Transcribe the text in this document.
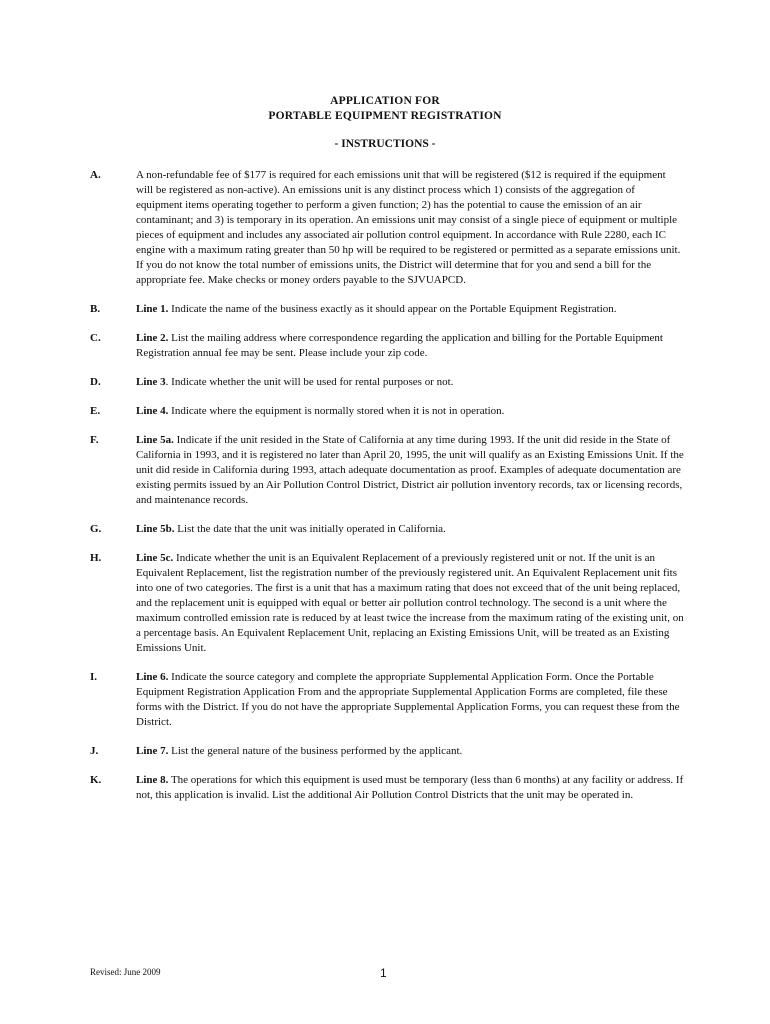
APPLICATION FOR
PORTABLE EQUIPMENT REGISTRATION
- INSTRUCTIONS -
A.	A non-refundable fee of $177 is required for each emissions unit that will be registered ($12 is required if the equipment will be registered as non-active). An emissions unit is any distinct process which 1) consists of the aggregation of equipment items operating together to perform a given function; 2) has the potential to cause the emission of an air contaminant; and 3) is temporary in its operation. An emissions unit may consist of a single piece of equipment or multiple pieces of equipment and includes any associated air pollution control equipment. In accordance with Rule 2280, each IC engine with a maximum rating greater than 50 hp will be required to be registered or permitted as a separate emissions unit. If you do not know the total number of emissions units, the District will determine that for you and send a bill for the appropriate fee. Make checks or money orders payable to the SJVUAPCD.
B.	Line 1. Indicate the name of the business exactly as it should appear on the Portable Equipment Registration.
C.	Line 2. List the mailing address where correspondence regarding the application and billing for the Portable Equipment Registration annual fee may be sent. Please include your zip code.
D.	Line 3. Indicate whether the unit will be used for rental purposes or not.
E.	Line 4. Indicate where the equipment is normally stored when it is not in operation.
F.	Line 5a. Indicate if the unit resided in the State of California at any time during 1993. If the unit did reside in the State of California in 1993, and it is registered no later than April 20, 1995, the unit will qualify as an Existing Emissions Unit. If the unit did reside in California during 1993, attach adequate documentation as proof. Examples of adequate documentation are existing permits issued by an Air Pollution Control District, District air pollution inventory records, tax or licensing records, and maintenance records.
G.	Line 5b. List the date that the unit was initially operated in California.
H.	Line 5c. Indicate whether the unit is an Equivalent Replacement of a previously registered unit or not. If the unit is an Equivalent Replacement, list the registration number of the previously registered unit. An Equivalent Replacement unit fits into one of two categories. The first is a unit that has a maximum rating that does not exceed that of the unit being replaced, and the replacement unit is equipped with equal or better air pollution control technology. The second is a unit where the maximum controlled emission rate is reduced by at least twice the increase from the maximum rating of the existing unit, on a percentage basis. An Equivalent Replacement Unit, replacing an Existing Emissions Unit, will be treated as an Existing Emissions Unit.
I.	Line 6. Indicate the source category and complete the appropriate Supplemental Application Form. Once the Portable Equipment Registration Application From and the appropriate Supplemental Application Forms are completed, file these forms with the District. If you do not have the appropriate Supplemental Application Forms, you can request these from the District.
J.	Line 7. List the general nature of the business performed by the applicant.
K.	Line 8. The operations for which this equipment is used must be temporary (less than 6 months) at any facility or address. If not, this application is invalid. List the additional Air Pollution Control Districts that the unit may be operated in.
Revised: June 2009	1
